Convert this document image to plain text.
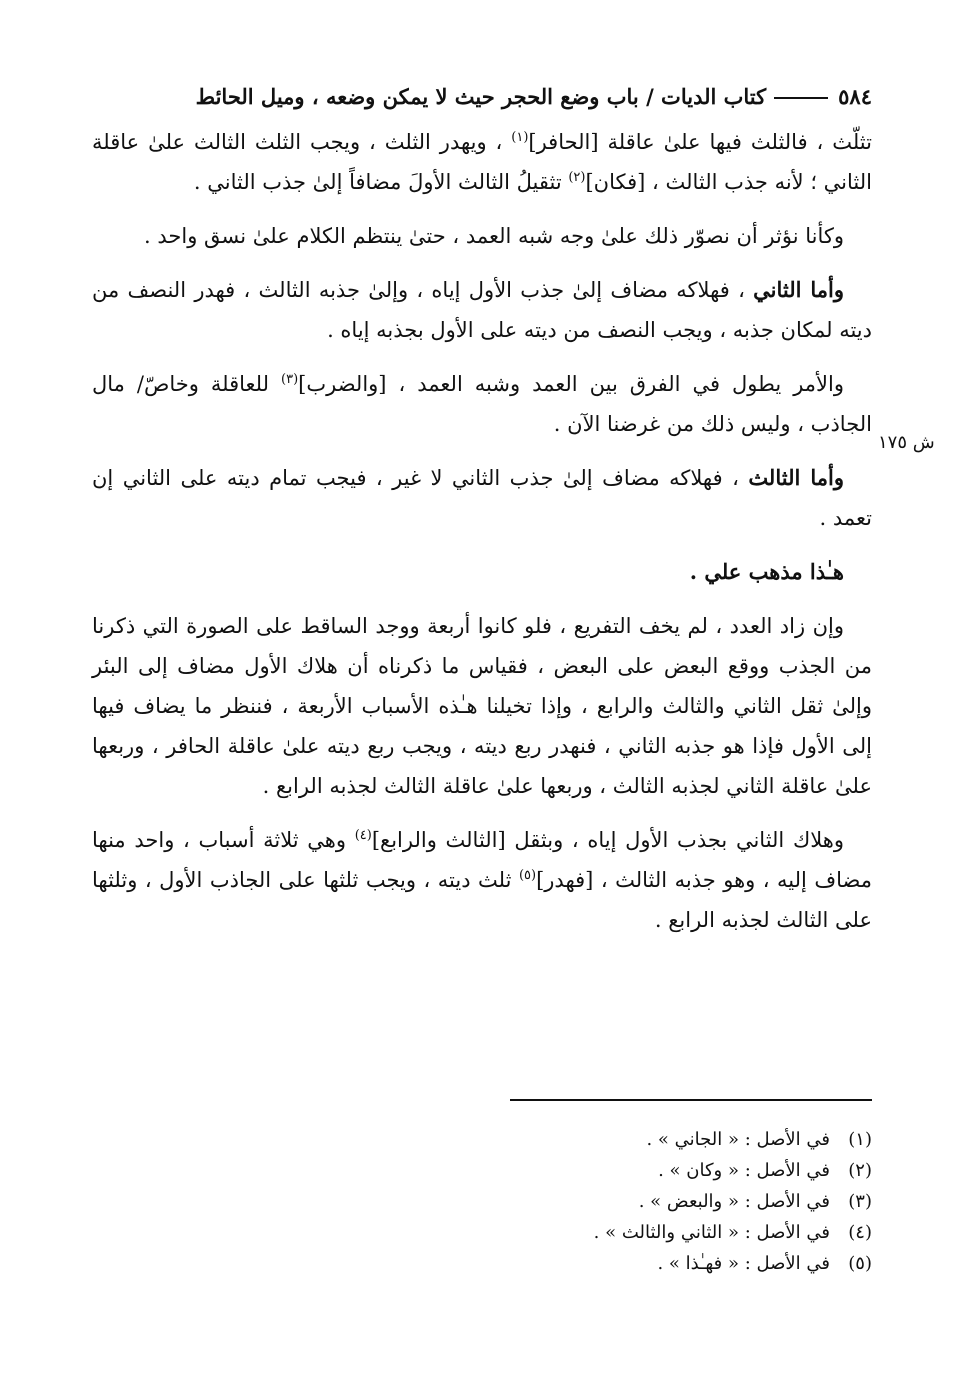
٥٨٤
كتاب الديات / باب وضع الحجر حيث لا يمكن وضعه ، وميل الحائط
ش ١٧٥

تثلّث ، فالثلث فيها علىٰ عاقلة [الحافر]$^{(١)}$ ، ويهدر الثلث ، ويجب الثلث الثالث علىٰ عاقلة الثاني ؛ لأنه جذب الثالث ، [فكان]$^{(٢)}$ تثقيلُ الثالث الأولَ مضافاً إلىٰ جذب الثاني .

وكأنا نؤثر أن نصوّر ذلك علىٰ وجه شبه العمد ، حتىٰ ينتظم الكلام علىٰ نسق واحد .

وأما الثاني ، فهلاكه مضاف إلىٰ جذب الأول إياه ، وإلىٰ جذبه الثالث ، فهدر النصف من ديته لمكان جذبه ، ويجب النصف من ديته على الأول بجذبه إياه .

والأمر يطول في الفرق بين العمد وشبه العمد ، [والضرب]$^{(٣)}$ للعاقلة وخاصّ/ مال الجاذب ، وليس ذلك من غرضنا الآن .

وأما الثالث ، فهلاكه مضاف إلىٰ جذب الثاني لا غير ، فيجب تمام ديته على الثاني إن تعمد .

هـٰذا مذهب علي .

وإن زاد العدد ، لم يخف التفريع ، فلو كانوا أربعة ووجد الساقط على الصورة التي ذكرنا من الجذب ووقع البعض على البعض ، فقياس ما ذكرناه أن هلاك الأول مضاف إلى البئر وإلىٰ ثقل الثاني والثالث والرابع ، وإذا تخيلنا هـٰذه الأسباب الأربعة ، فننظر ما يضاف فيها إلى الأول فإذا هو جذبه الثاني ، فنهدر ربع ديته ، ويجب ربع ديته علىٰ عاقلة الحافر ، وربعها علىٰ عاقلة الثاني لجذبه الثالث ، وربعها علىٰ عاقلة الثالث لجذبه الرابع .

وهلاك الثاني بجذب الأول إياه ، وبثقل [الثالث والرابع]$^{(٤)}$ وهي ثلاثة أسباب ، واحد منها مضاف إليه ، وهو جذبه الثالث ، [فهدر]$^{(٥)}$ ثلث ديته ، ويجب ثلثها على الجاذب الأول ، وثلثها على الثالث لجذبه الرابع .

(١)في الأصل : « الجاني » .
(٢)في الأصل : « وكان » .
(٣)في الأصل : « والبعض » .
(٤)في الأصل : « الثاني والثالث » .
(٥)في الأصل : « فهـٰذا » .
